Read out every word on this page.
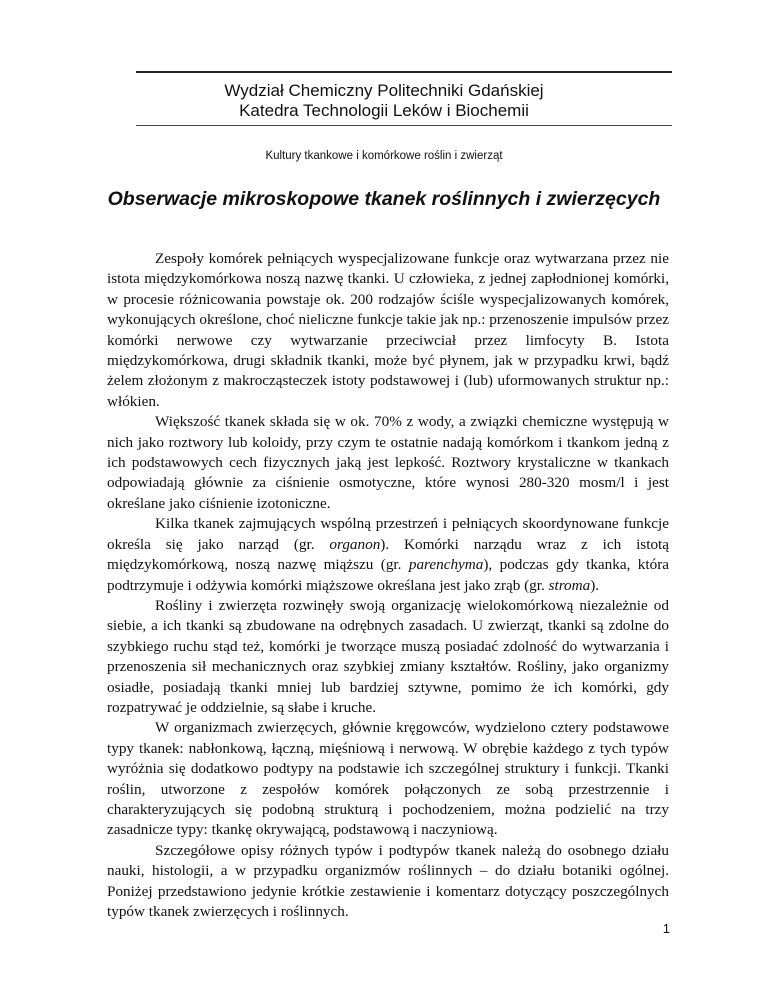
Wydział Chemiczny Politechniki Gdańskiej
Katedra Technologii Leków i Biochemii
Kultury tkankowe i komórkowe roślin i zwierząt
Obserwacje mikroskopowe tkanek roślinnych i zwierzęcych

Zespoły komórek pełniących wyspecjalizowane funkcje oraz wytwarzana przez nie istota międzykomórkowa noszą nazwę tkanki. U człowieka, z jednej zapłodnionej komórki, w procesie różnicowania powstaje ok. 200 rodzajów ściśle wyspecjalizowanych komórek, wykonujących określone, choć nieliczne funkcje takie jak np.: przenoszenie impulsów przez komórki nerwowe czy wytwarzanie przeciwciał przez limfocyty B. Istota międzykomórkowa, drugi składnik tkanki, może być płynem, jak w przypadku krwi, bądź żelem złożonym z makrocząsteczek istoty podstawowej i (lub) uformowanych struktur np.: włókien.

Większość tkanek składa się w ok. 70% z wody, a związki chemiczne występują w nich jako roztwory lub koloidy, przy czym te ostatnie nadają komórkom i tkankom jedną z ich podstawowych cech fizycznych jaką jest lepkość. Roztwory krystaliczne w tkankach odpowiadają głównie za ciśnienie osmotyczne, które wynosi 280-320 mosm/l i jest określane jako ciśnienie izotoniczne.

Kilka tkanek zajmujących wspólną przestrzeń i pełniących skoordynowane funkcje określa się jako narząd (gr. organon). Komórki narządu wraz z ich istotą międzykomórkową, noszą nazwę miąższu (gr. parenchyma), podczas gdy tkanka, która podtrzymuje i odżywia komórki miąższowe określana jest jako zrąb (gr. stroma).

Rośliny i zwierzęta rozwinęły swoją organizację wielokomórkową niezależnie od siebie, a ich tkanki są zbudowane na odrębnych zasadach. U zwierząt, tkanki są zdolne do szybkiego ruchu stąd też, komórki je tworzące muszą posiadać zdolność do wytwarzania i przenoszenia sił mechanicznych oraz szybkiej zmiany kształtów. Rośliny, jako organizmy osiadłe, posiadają tkanki mniej lub bardziej sztywne, pomimo że ich komórki, gdy rozpatrywać je oddzielnie, są słabe i kruche.

W organizmach zwierzęcych, głównie kręgowców, wydzielono cztery podstawowe typy tkanek: nabłonkową, łączną, mięśniową i nerwową. W obrębie każdego z tych typów wyróżnia się dodatkowo podtypy na podstawie ich szczególnej struktury i funkcji. Tkanki roślin, utworzone z zespołów komórek połączonych ze sobą przestrzennie i charakteryzujących się podobną strukturą i pochodzeniem, można podzielić na trzy zasadnicze typy: tkankę okrywającą, podstawową i naczyniową.

Szczegółowe opisy różnych typów i podtypów tkanek należą do osobnego działu nauki, histologii, a w przypadku organizmów roślinnych – do działu botaniki ogólnej. Poniżej przedstawiono jedynie krótkie zestawienie i komentarz dotyczący poszczególnych typów tkanek zwierzęcych i roślinnych.

1
